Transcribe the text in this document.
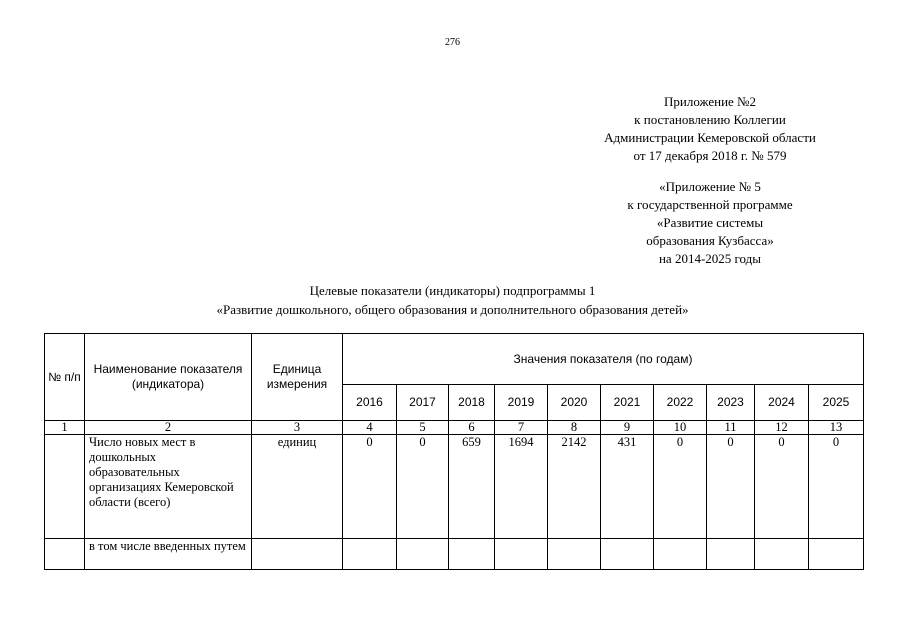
276
Приложение №2
к постановлению Коллегии
Администрации Кемеровской области
от 17 декабря 2018 г. № 579
«Приложение № 5
к государственной программе
«Развитие системы
образования Кузбасса»
на 2014-2025 годы
Целевые показатели (индикаторы) подпрограммы 1
«Развитие дошкольного, общего образования и дополнительного образования детей»
№ п/п	Наименование показателя (индикатора)	Единица измерения	Значения показателя (по годам)									
			2016	2017	2018	2019	2020	2021	2022	2023	2024	2025
1	2	3	4	5	6	7	8	9	10	11	12	13
	Число новых мест в дошкольных образовательных организациях Кемеровской области (всего)	единиц	0	0	659	1694	2142	431	0	0	0	0
	в том числе введенных путем											
